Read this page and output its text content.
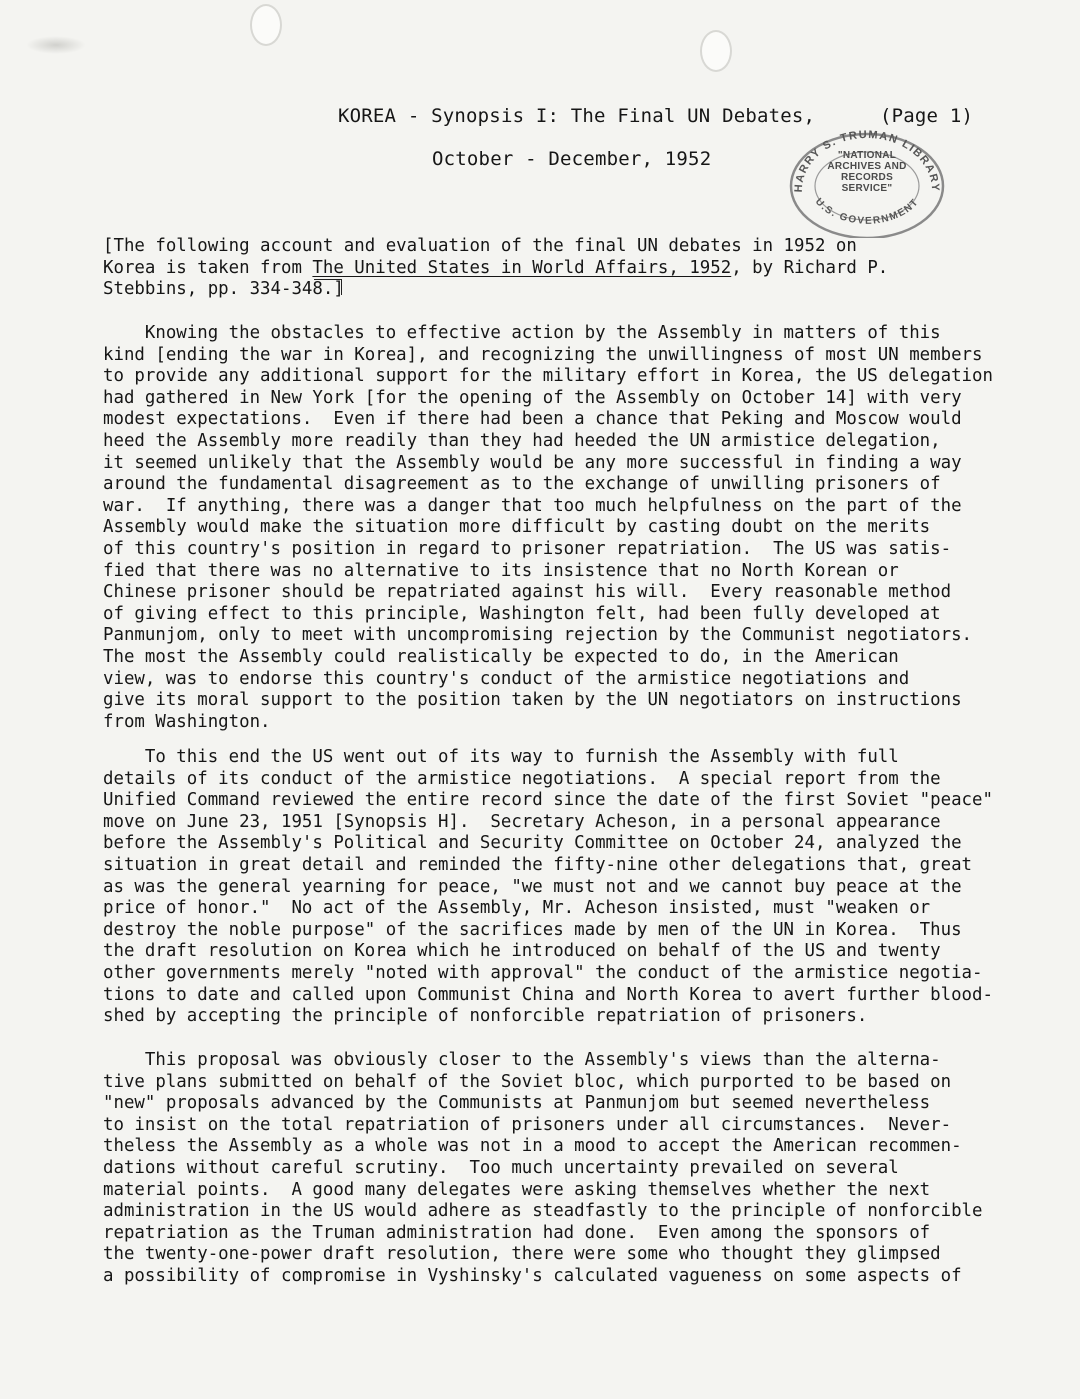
KOREA - Synopsis I: The Final UN Debates,	(Page 1)
October - December, 1952
HARRY S. TRUMAN LIBRARY
U.S. GOVERNMENT
"NATIONAL
ARCHIVES AND
RECORDS
SERVICE"
[The following account and evaluation of the final UN debates in 1952 on
Korea is taken from The United States in World Affairs, 1952, by Richard P.
Stebbins, pp. 334-348.]
Knowing the obstacles to effective action by the Assembly in matters of this
kind [ending the war in Korea], and recognizing the unwillingness of most UN members
to provide any additional support for the military effort in Korea, the US delegation
had gathered in New York [for the opening of the Assembly on October 14] with very
modest expectations.  Even if there had been a chance that Peking and Moscow would
heed the Assembly more readily than they had heeded the UN armistice delegation,
it seemed unlikely that the Assembly would be any more successful in finding a way
around the fundamental disagreement as to the exchange of unwilling prisoners of
war.  If anything, there was a danger that too much helpfulness on the part of the
Assembly would make the situation more difficult by casting doubt on the merits
of this country's position in regard to prisoner repatriation.  The US was satis-
fied that there was no alternative to its insistence that no North Korean or
Chinese prisoner should be repatriated against his will.  Every reasonable method
of giving effect to this principle, Washington felt, had been fully developed at
Panmunjom, only to meet with uncompromising rejection by the Communist negotiators.
The most the Assembly could realistically be expected to do, in the American
view, was to endorse this country's conduct of the armistice negotiations and
give its moral support to the position taken by the UN negotiators on instructions
from Washington.
To this end the US went out of its way to furnish the Assembly with full
details of its conduct of the armistice negotiations.  A special report from the
Unified Command reviewed the entire record since the date of the first Soviet "peace"
move on June 23, 1951 [Synopsis H].  Secretary Acheson, in a personal appearance
before the Assembly's Political and Security Committee on October 24, analyzed the
situation in great detail and reminded the fifty-nine other delegations that, great
as was the general yearning for peace, "we must not and we cannot buy peace at the
price of honor."  No act of the Assembly, Mr. Acheson insisted, must "weaken or
destroy the noble purpose" of the sacrifices made by men of the UN in Korea.  Thus
the draft resolution on Korea which he introduced on behalf of the US and twenty
other governments merely "noted with approval" the conduct of the armistice negotia-
tions to date and called upon Communist China and North Korea to avert further blood-
shed by accepting the principle of nonforcible repatriation of prisoners.
This proposal was obviously closer to the Assembly's views than the alterna-
tive plans submitted on behalf of the Soviet bloc, which purported to be based on
"new" proposals advanced by the Communists at Panmunjom but seemed nevertheless
to insist on the total repatriation of prisoners under all circumstances.  Never-
theless the Assembly as a whole was not in a mood to accept the American recommen-
dations without careful scrutiny.  Too much uncertainty prevailed on several
material points.  A good many delegates were asking themselves whether the next
administration in the US would adhere as steadfastly to the principle of nonforcible
repatriation as the Truman administration had done.  Even among the sponsors of
the twenty-one-power draft resolution, there were some who thought they glimpsed
a possibility of compromise in Vyshinsky's calculated vagueness on some aspects of
